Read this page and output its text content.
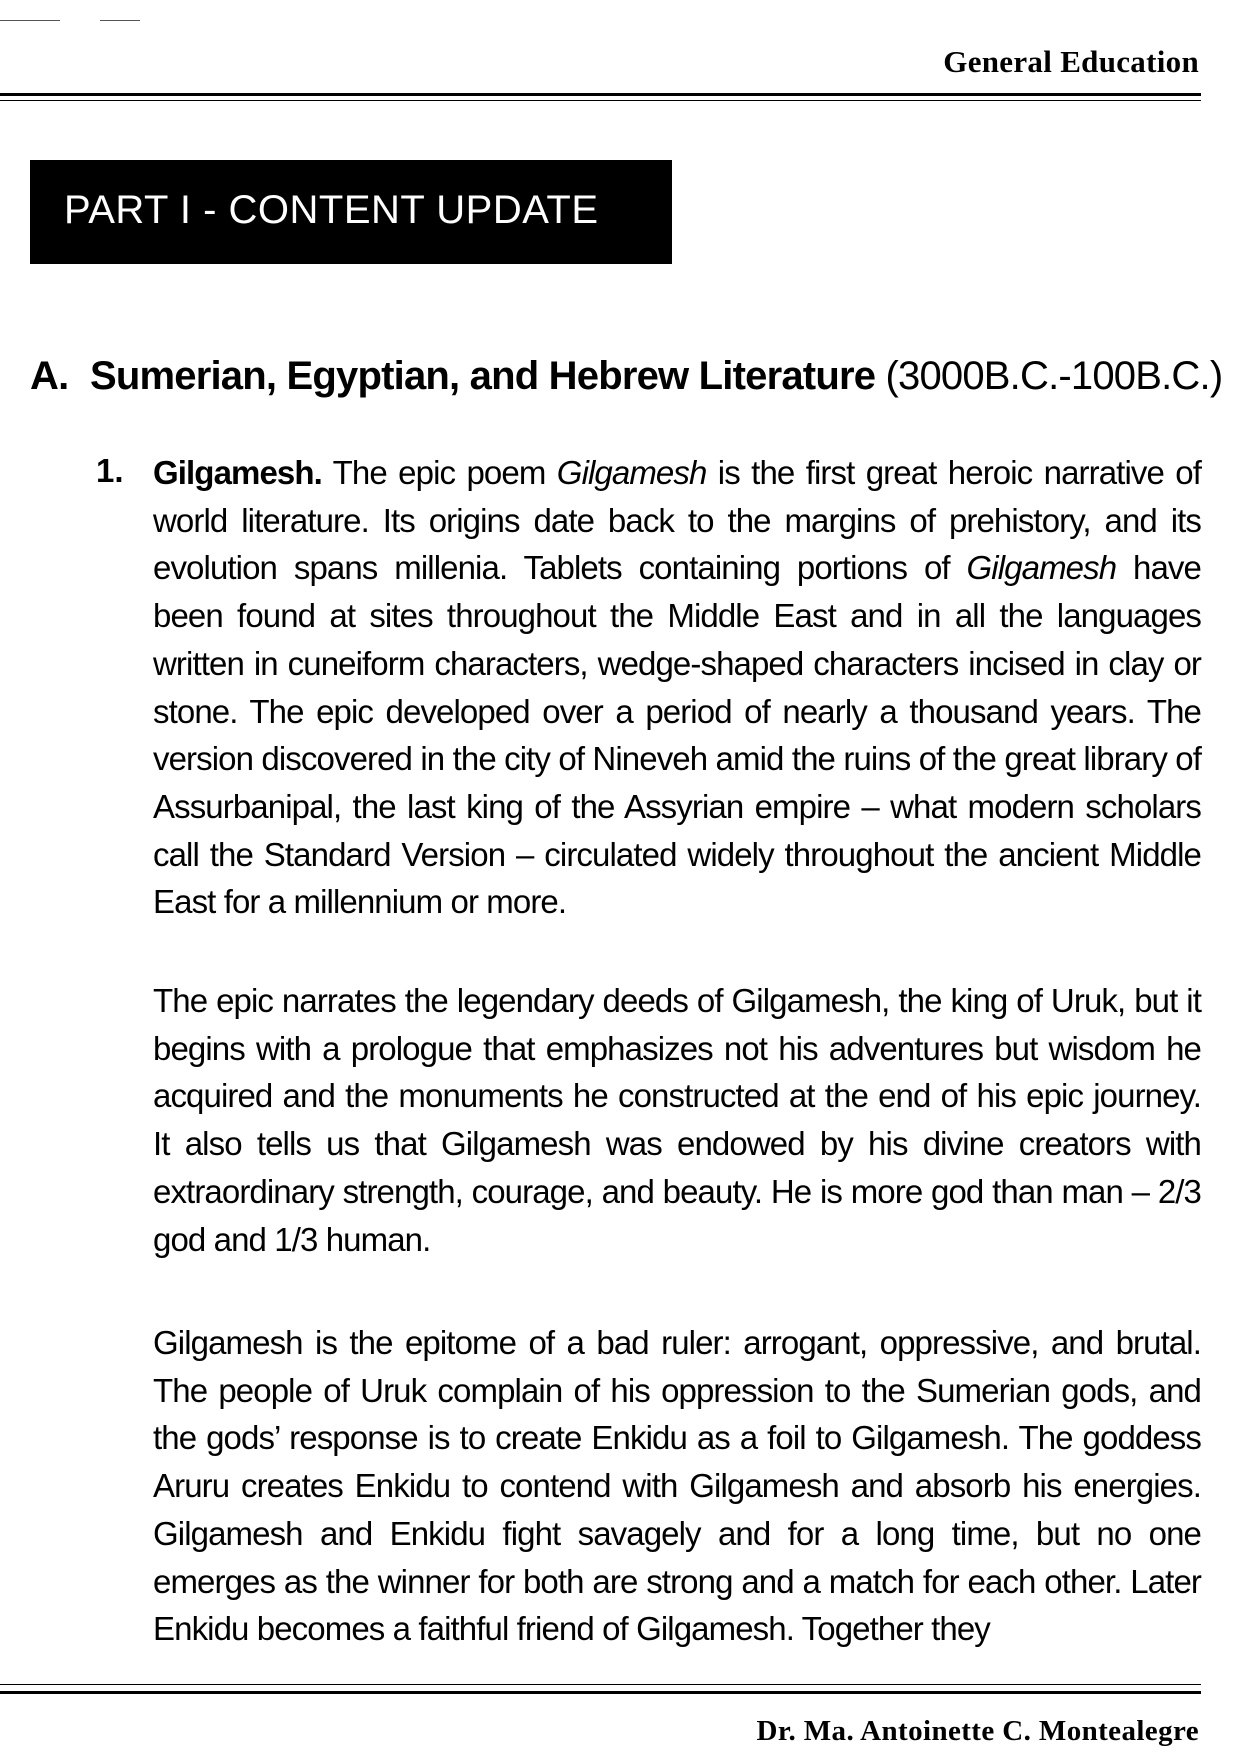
General Education
PART I - CONTENT UPDATE
A. Sumerian, Egyptian, and Hebrew Literature (3000B.C.-100B.C.)
1. Gilgamesh. The epic poem Gilgamesh is the first great heroic narrative of world literature. Its origins date back to the margins of prehistory, and its evolution spans millenia. Tablets containing portions of Gilgamesh have been found at sites throughout the Middle East and in all the languages written in cuneiform characters, wedge-shaped characters incised in clay or stone. The epic developed over a period of nearly a thousand years. The version discovered in the city of Nineveh amid the ruins of the great library of Assurbanipal, the last king of the Assyrian empire – what modern scholars call the Standard Version – circulated widely throughout the ancient Middle East for a millennium or more.
The epic narrates the legendary deeds of Gilgamesh, the king of Uruk, but it begins with a prologue that emphasizes not his adventures but wisdom he acquired and the monuments he constructed at the end of his epic journey. It also tells us that Gilgamesh was endowed by his divine creators with extraordinary strength, courage, and beauty. He is more god than man – 2/3 god and 1/3 human.
Gilgamesh is the epitome of a bad ruler: arrogant, oppressive, and brutal. The people of Uruk complain of his oppression to the Sumerian gods, and the gods’ response is to create Enkidu as a foil to Gilgamesh. The goddess Aruru creates Enkidu to contend with Gilgamesh and absorb his energies. Gilgamesh and Enkidu fight savagely and for a long time, but no one emerges as the winner for both are strong and a match for each other. Later Enkidu becomes a faithful friend of Gilgamesh. Together they
Dr. Ma. Antoinette C. Montealegre
